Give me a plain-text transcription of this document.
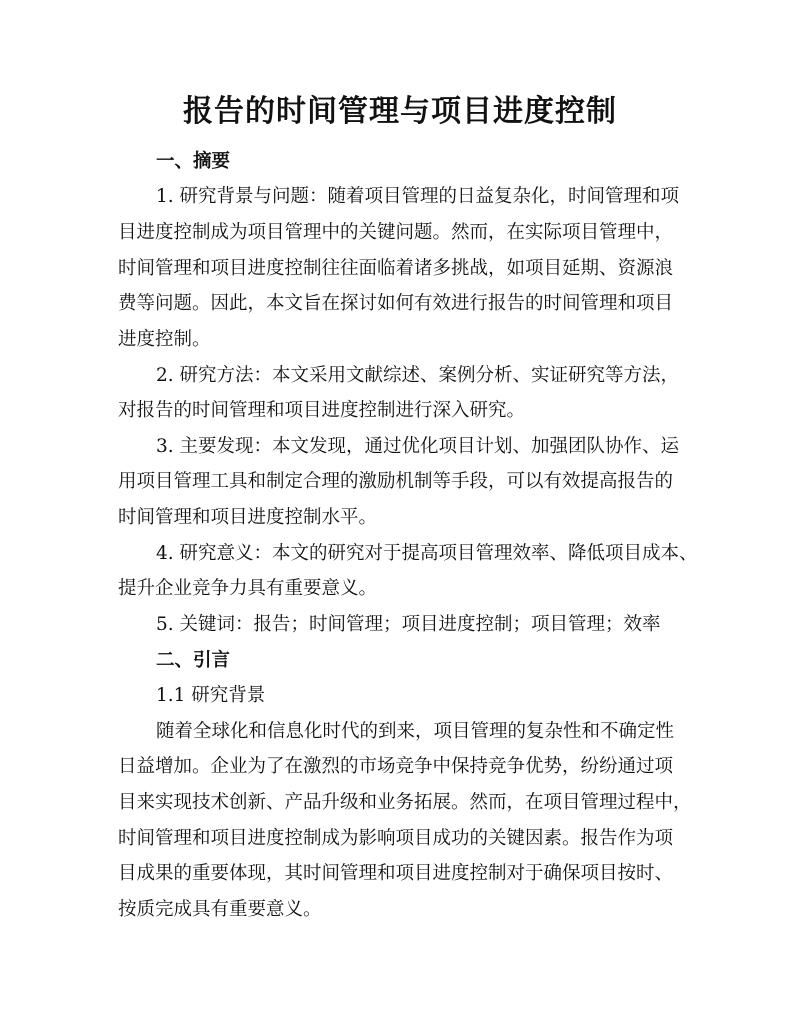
报告的时间管理与项目进度控制
一、摘要
1. 研究背景与问题：随着项目管理的日益复杂化，时间管理和项
目进度控制成为项目管理中的关键问题。然而，在实际项目管理中，
时间管理和项目进度控制往往面临着诸多挑战，如项目延期、资源浪
费等问题。因此，本文旨在探讨如何有效进行报告的时间管理和项目
进度控制。
2. 研究方法：本文采用文献综述、案例分析、实证研究等方法，
对报告的时间管理和项目进度控制进行深入研究。
3. 主要发现：本文发现，通过优化项目计划、加强团队协作、运
用项目管理工具和制定合理的激励机制等手段，可以有效提高报告的
时间管理和项目进度控制水平。
4. 研究意义：本文的研究对于提高项目管理效率、降低项目成本、
提升企业竞争力具有重要意义。
5. 关键词：报告；时间管理；项目进度控制；项目管理；效率
二、引言
1.1 研究背景
随着全球化和信息化时代的到来，项目管理的复杂性和不确定性
日益增加。企业为了在激烈的市场竞争中保持竞争优势，纷纷通过项
目来实现技术创新、产品升级和业务拓展。然而，在项目管理过程中，
时间管理和项目进度控制成为影响项目成功的关键因素。报告作为项
目成果的重要体现，其时间管理和项目进度控制对于确保项目按时、
按质完成具有重要意义。
